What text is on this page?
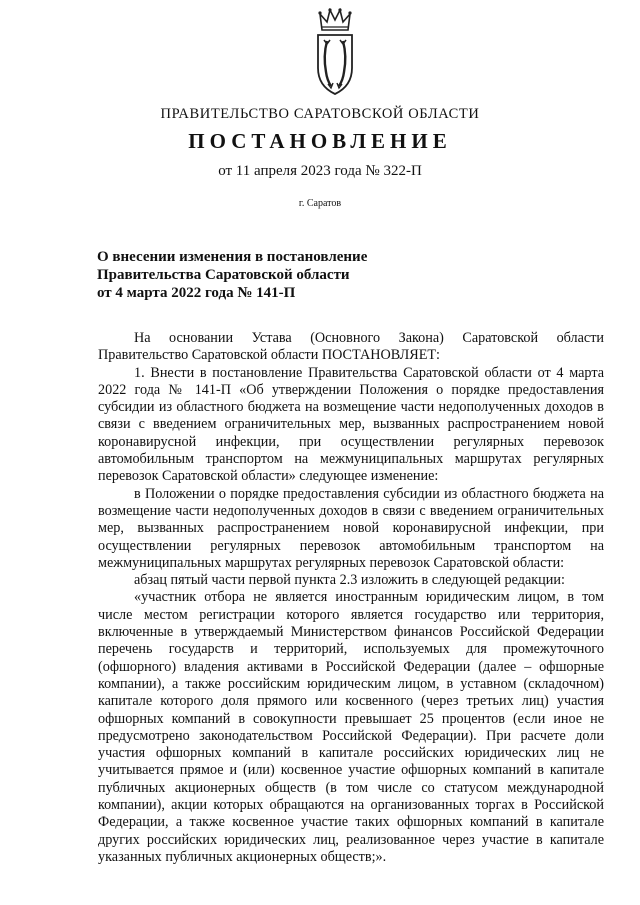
ПРАВИТЕЛЬСТВО САРАТОВСКОЙ ОБЛАСТИ
ПОСТАНОВЛЕНИЕ
от 11 апреля 2023 года № 322-П
г. Саратов
О внесении изменения в постановление
Правительства Саратовской области
от 4 марта 2022 года № 141-П

На основании Устава (Основного Закона) Саратовской области Правительство Саратовской области ПОСТАНОВЛЯЕТ:

1. Внести в постановление Правительства Саратовской области от 4 марта 2022 года № 141-П «Об утверждении Положения о порядке предоставления субсидии из областного бюджета на возмещение части недополученных доходов в связи с введением ограничительных мер, вызванных распространением новой коронавирусной инфекции, при осуществлении регулярных перевозок автомобильным транспортом на межмуниципальных маршрутах регулярных перевозок Саратовской области» следующее изменение:

в Положении о порядке предоставления субсидии из областного бюджета на возмещение части недополученных доходов в связи с введением ограничительных мер, вызванных распространением новой коронавирусной инфекции, при осуществлении регулярных перевозок автомобильным транспортом на межмуниципальных маршрутах регулярных перевозок Саратовской области:

абзац пятый части первой пункта 2.3 изложить в следующей редакции:

«участник отбора не является иностранным юридическим лицом, в том числе местом регистрации которого является государство или территория, включенные в утверждаемый Министерством финансов Российской Федерации перечень государств и территорий, используемых для промежуточного (офшорного) владения активами в Российской Федерации (далее – офшорные компании), а также российским юридическим лицом, в уставном (складочном) капитале которого доля прямого или косвенного (через третьих лиц) участия офшорных компаний в совокупности превышает 25 процентов (если иное не предусмотрено законодательством Российской Федерации). При расчете доли участия офшорных компаний в капитале российских юридических лиц не учитывается прямое и (или) косвенное участие офшорных компаний в капитале публичных акционерных обществ (в том числе со статусом международной компании), акции которых обращаются на организованных торгах в Российской Федерации, а также косвенное участие таких офшорных компаний в капитале других российских юридических лиц, реализованное через участие в капитале указанных публичных акционерных обществ;».
